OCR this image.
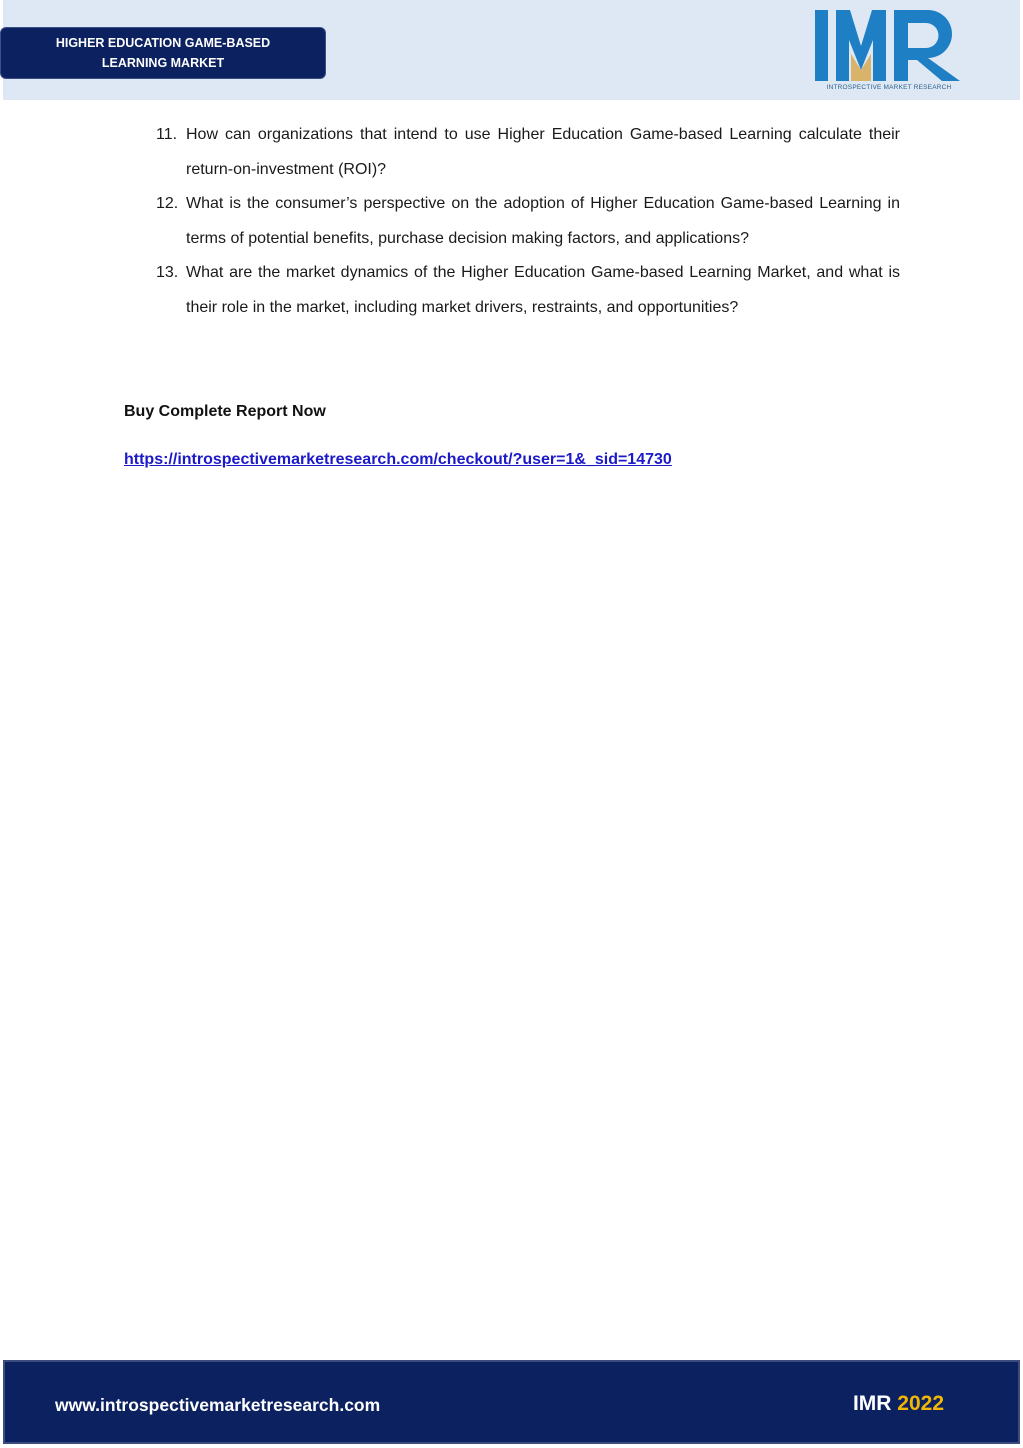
HIGHER EDUCATION GAME-BASED
LEARNING MARKET
INTROSPECTIVE MARKET RESEARCH
11. How can organizations that intend to use Higher Education Game-based Learning calculate their return-on-investment (ROI)?
12. What is the consumer’s perspective on the adoption of Higher Education Game-based Learning in terms of potential benefits, purchase decision making factors, and applications?
13. What are the market dynamics of the Higher Education Game-based Learning Market, and what is their role in the market, including market drivers, restraints, and opportunities?
Buy Complete Report Now
https://introspectivemarketresearch.com/checkout/?user=1&_sid=14730
www.introspectivemarketresearch.com	IMR 2022
